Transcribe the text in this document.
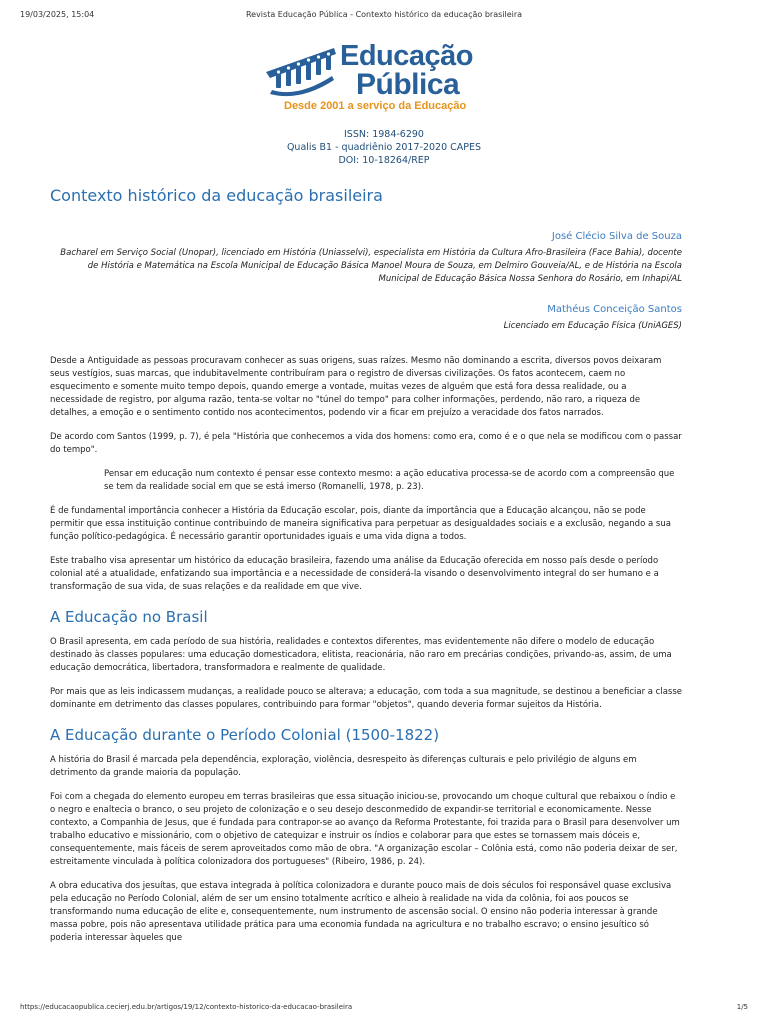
19/03/2025, 15:04	Revista Educação Pública - Contexto histórico da educação brasileira
Educação
Pública
Desde 2001 a serviço da Educação
ISSN: 1984-6290
Qualis B1 - quadriênio 2017-2020 CAPES
DOI: 10-18264/REP
Contexto histórico da educação brasileira
José Clécio Silva de Souza
Bacharel em Serviço Social (Unopar), licenciado em História (Uniasselvi), especialista em História da Cultura Afro-Brasileira (Face Bahia), docente de História e Matemática na Escola Municipal de Educação Básica Manoel Moura de Souza, em Delmiro Gouveia/AL, e de História na Escola Municipal de Educação Básica Nossa Senhora do Rosário, em Inhapi/AL
Mathéus Conceição Santos
Licenciado em Educação Física (UniAGES)

Desde a Antiguidade as pessoas procuravam conhecer as suas origens, suas raízes. Mesmo não dominando a escrita, diversos povos deixaram seus vestígios, suas marcas, que indubitavelmente contribuíram para o registro de diversas civilizações. Os fatos acontecem, caem no esquecimento e somente muito tempo depois, quando emerge a vontade, muitas vezes de alguém que está fora dessa realidade, ou a necessidade de registro, por alguma razão, tenta-se voltar no "túnel do tempo" para colher informações, perdendo, não raro, a riqueza de detalhes, a emoção e o sentimento contido nos acontecimentos, podendo vir a ficar em prejuízo a veracidade dos fatos narrados.

De acordo com Santos (1999, p. 7), é pela "História que conhecemos a vida dos homens: como era, como é e o que nela se modificou com o passar do tempo".

Pensar em educação num contexto é pensar esse contexto mesmo: a ação educativa processa-se de acordo com a compreensão que se tem da realidade social em que se está imerso (Romanelli, 1978, p. 23).

É de fundamental importância conhecer a História da Educação escolar, pois, diante da importância que a Educação alcançou, não se pode permitir que essa instituição continue contribuindo de maneira significativa para perpetuar as desigualdades sociais e a exclusão, negando a sua função político-pedagógica. É necessário garantir oportunidades iguais e uma vida digna a todos.

Este trabalho visa apresentar um histórico da educação brasileira, fazendo uma análise da Educação oferecida em nosso país desde o período colonial até a atualidade, enfatizando sua importância e a necessidade de considerá-la visando o desenvolvimento integral do ser humano e a transformação de sua vida, de suas relações e da realidade em que vive.

A Educação no Brasil

O Brasil apresenta, em cada período de sua história, realidades e contextos diferentes, mas evidentemente não difere o modelo de educação destinado às classes populares: uma educação domesticadora, elitista, reacionária, não raro em precárias condições, privando-as, assim, de uma educação democrática, libertadora, transformadora e realmente de qualidade.

Por mais que as leis indicassem mudanças, a realidade pouco se alterava; a educação, com toda a sua magnitude, se destinou a beneficiar a classe dominante em detrimento das classes populares, contribuindo para formar "objetos", quando deveria formar sujeitos da História.

A Educação durante o Período Colonial (1500-1822)

A história do Brasil é marcada pela dependência, exploração, violência, desrespeito às diferenças culturais e pelo privilégio de alguns em detrimento da grande maioria da população.

Foi com a chegada do elemento europeu em terras brasileiras que essa situação iniciou-se, provocando um choque cultural que rebaixou o índio e o negro e enalteciа o branco, o seu projeto de colonização e o seu desejo desconmedido de expandir-se territorial e economicamente. Nesse contexto, a Companhia de Jesus, que é fundada para contrapor-se ao avanço da Reforma Protestante, foi trazida para o Brasil para desenvolver um trabalho educativo e missionário, com o objetivo de catequizar e instruir os índios e colaborar para que estes se tornassem mais dóceis e, consequentemente, mais fáceis de serem aproveitados como mão de obra. "A organização escolar – Colônia está, como não poderia deixar de ser, estreitamente vinculada à política colonizadora dos portugueses" (Ribeiro, 1986, p. 24).

A obra educativa dos jesuítas, que estava integrada à política colonizadora e durante pouco mais de dois séculos foi responsável quase exclusiva pela educação no Período Colonial, além de ser um ensino totalmente acrítico e alheio à realidade na vida da colônia, foi aos poucos se transformando numa educação de elite e, consequentemente, num instrumento de ascensão social. O ensino não poderia interessar à grande massa pobre, pois não apresentava utilidade prática para uma economia fundada na agricultura e no trabalho escravo; o ensino jesuítico só poderia interessar àqueles que

https://educacaopublica.cecierj.edu.br/artigos/19/12/contexto-historico-da-educacao-brasileira	1/5
